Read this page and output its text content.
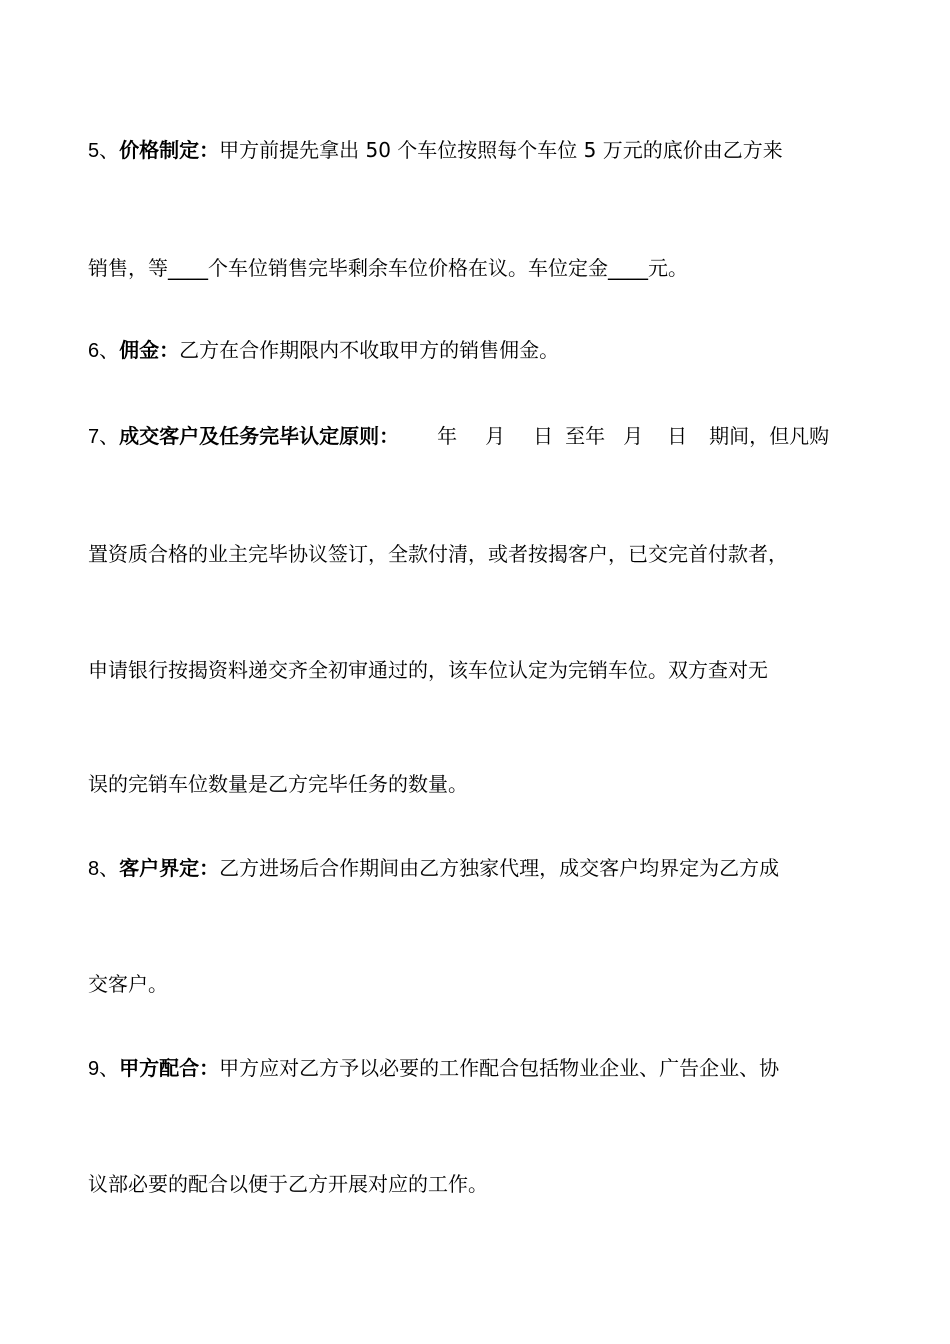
5、价格制定：甲方前提先拿出 50 个车位按照每个车位 5 万元的底价由乙方来

销售，等____个车位销售完毕剩余车位价格在议。车位定金____元。

6、佣金：乙方在合作期限内不收取甲方的销售佣金。

7、成交客户及任务完毕认定原则： 年 月 日 至年 月 日 期间，但凡购

置资质合格的业主完毕协议签订，全款付清，或者按揭客户，已交完首付款者，

申请银行按揭资料递交齐全初审通过的，该车位认定为完销车位。双方查对无

误的完销车位数量是乙方完毕任务的数量。

8、客户界定：乙方进场后合作期间由乙方独家代理，成交客户均界定为乙方成

交客户。

9、甲方配合：甲方应对乙方予以必要的工作配合包括物业企业、广告企业、协

议部必要的配合以便于乙方开展对应的工作。
